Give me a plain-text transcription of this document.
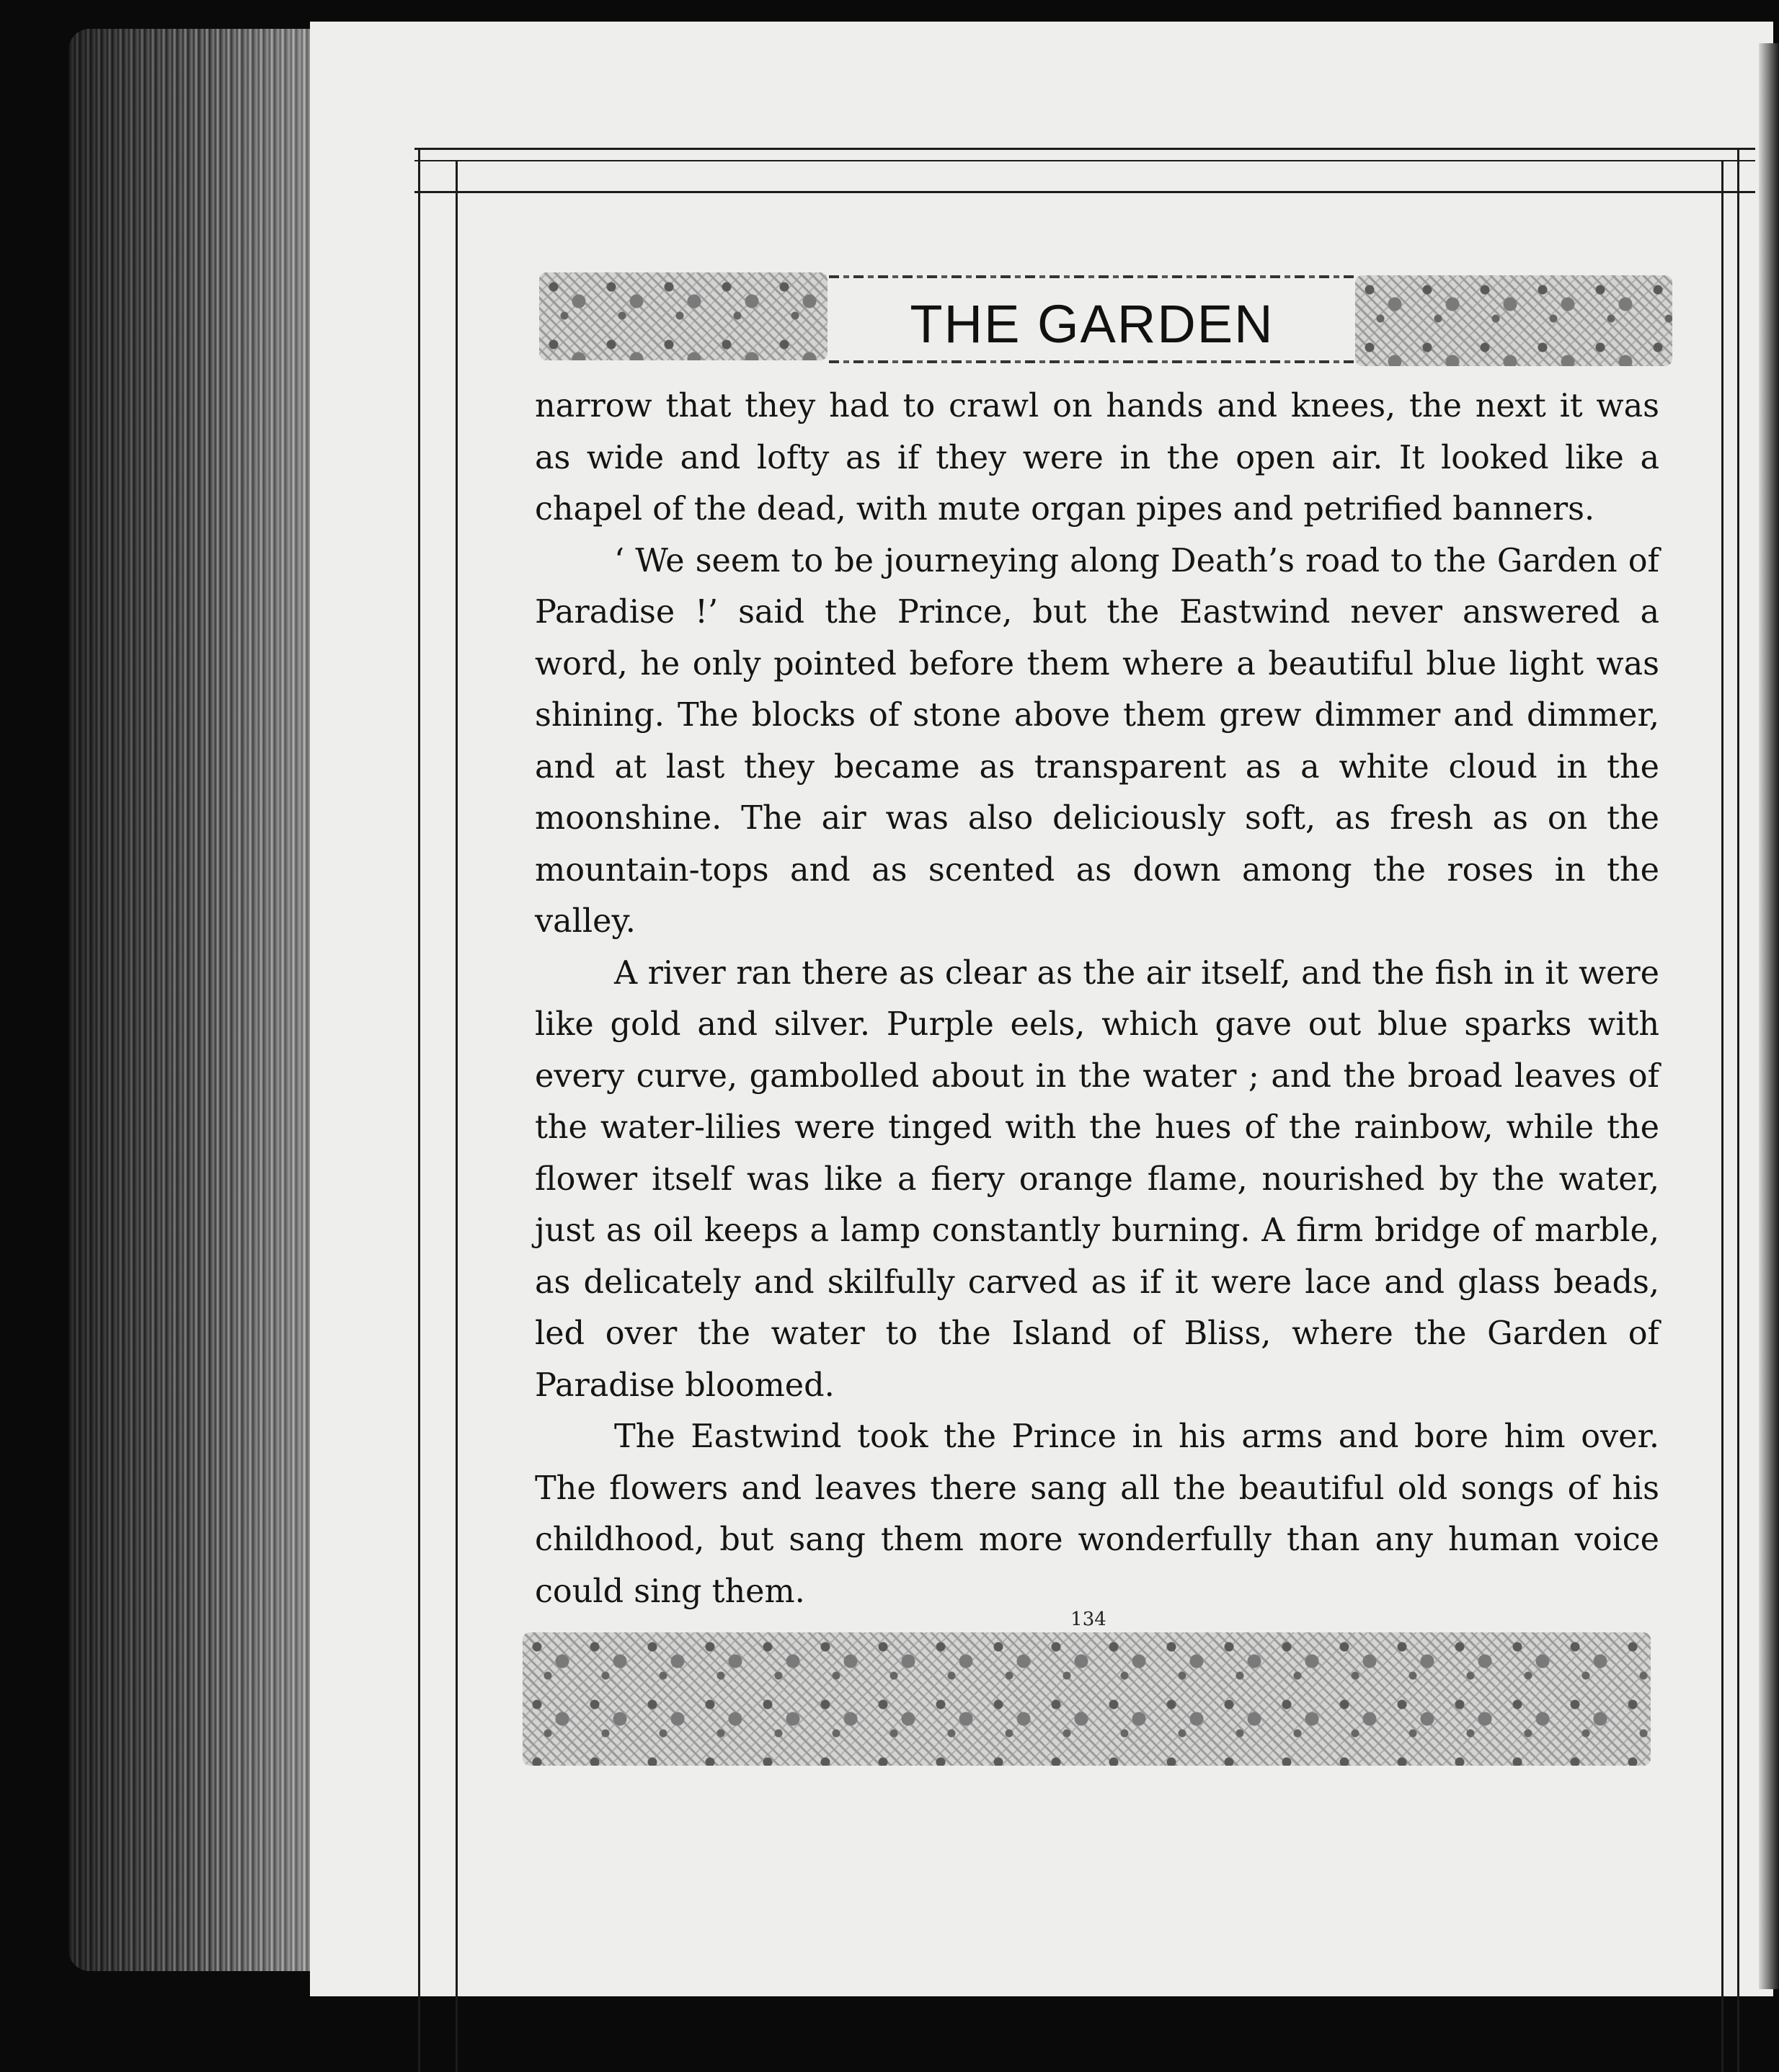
THE GARDEN

narrow that they had to crawl on hands and knees, the next it was as wide and lofty as if they were in the open air. It looked like a chapel of the dead, with mute organ pipes and petrified banners.

‘ We seem to be journeying along Death’s road to the Garden of Paradise !’ said the Prince, but the Eastwind never answered a word, he only pointed before them where a beautiful blue light was shining. The blocks of stone above them grew dimmer and dimmer, and at last they became as transparent as a white cloud in the moonshine. The air was also deliciously soft, as fresh as on the mountain-tops and as scented as down among the roses in the valley.

A river ran there as clear as the air itself, and the fish in it were like gold and silver. Purple eels, which gave out blue sparks with every curve, gambolled about in the water ; and the broad leaves of the water-lilies were tinged with the hues of the rainbow, while the flower itself was like a fiery orange flame, nourished by the water, just as oil keeps a lamp constantly burning. A firm bridge of marble, as delicately and skilfully carved as if it were lace and glass beads, led over the water to the Island of Bliss, where the Garden of Paradise bloomed.

The Eastwind took the Prince in his arms and bore him over. The flowers and leaves there sang all the beautiful old songs of his childhood, but sang them more wonderfully than any human voice could sing them.

134
